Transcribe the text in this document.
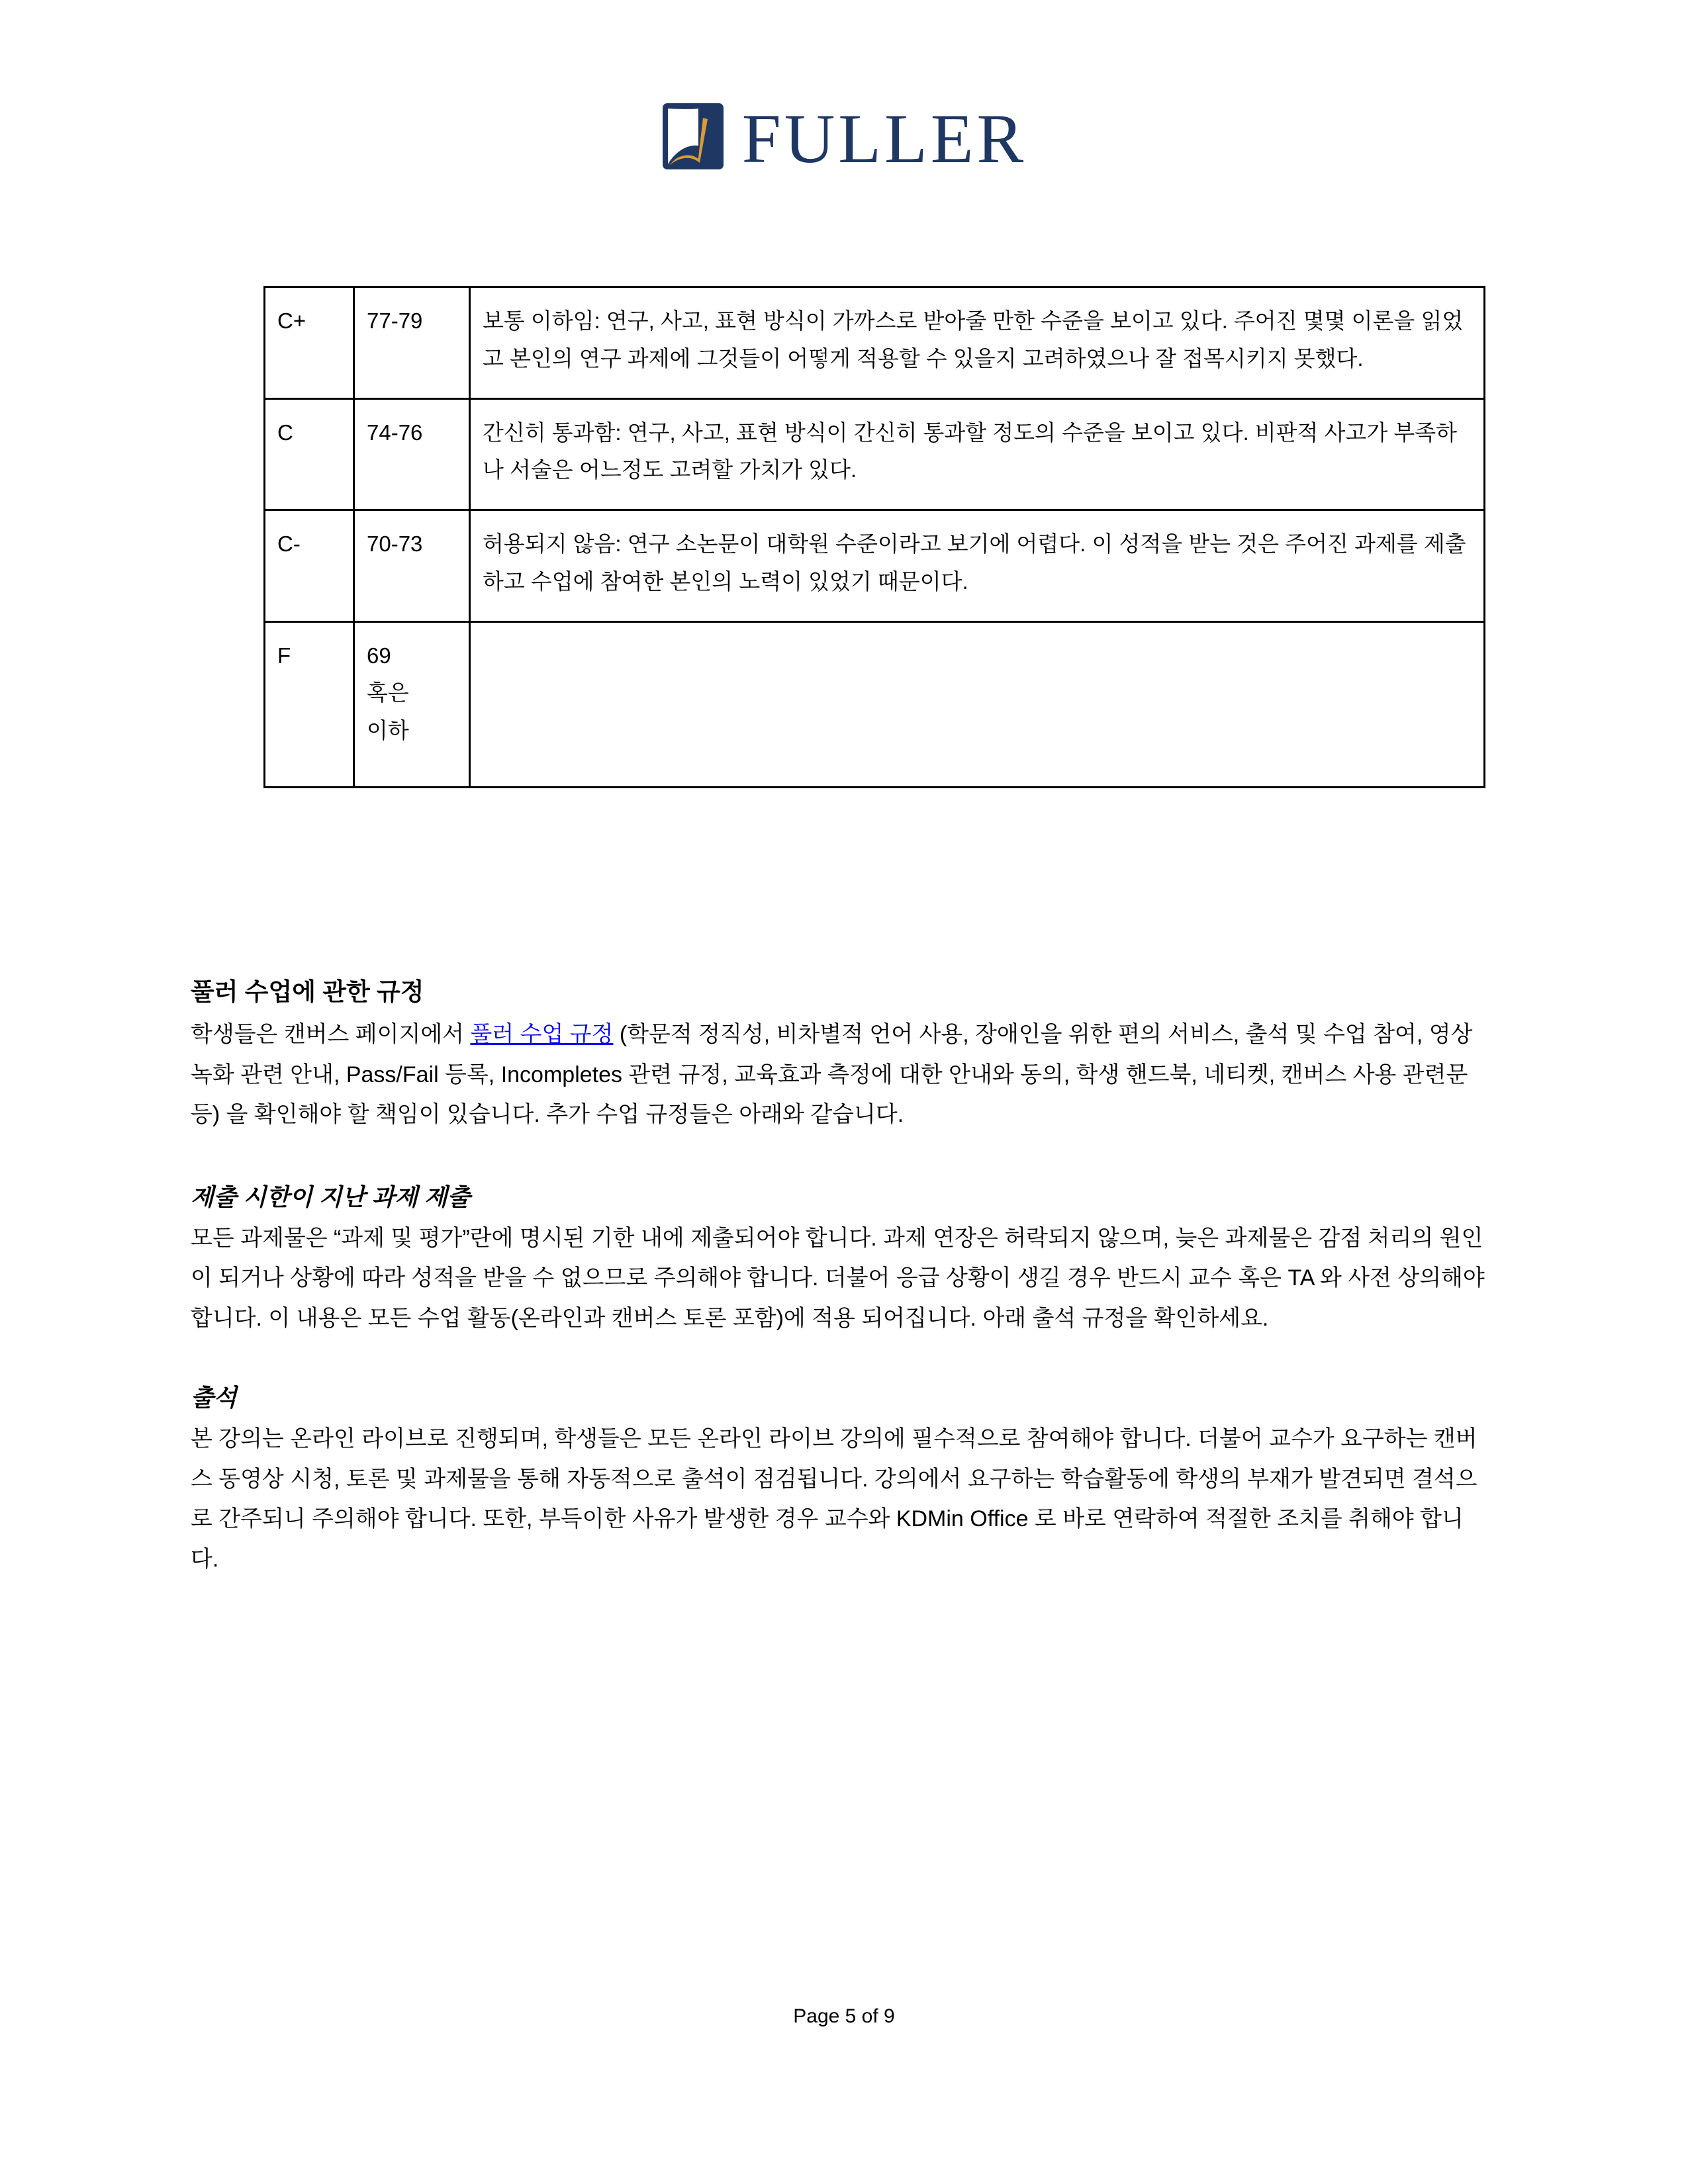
FULLER
C+	77-79	보통 이하임: 연구, 사고, 표현 방식이 가까스로 받아줄 만한 수준을 보이고 있다. 주어진 몇몇 이론을 읽었고 본인의 연구 과제에 그것들이 어떻게 적용할 수 있을지 고려하였으나 잘 접목시키지 못했다.
C	74-76	간신히 통과함: 연구, 사고, 표현 방식이 간신히 통과할 정도의 수준을 보이고 있다. 비판적 사고가 부족하나 서술은 어느정도 고려할 가치가 있다.
C-	70-73	허용되지 않음: 연구 소논문이 대학원 수준이라고 보기에 어렵다. 이 성적을 받는 것은 주어진 과제를 제출 하고 수업에 참여한 본인의 노력이 있었기 때문이다.
F	69
혹은
이하	

풀러 수업에 관한 규정

학생들은 캔버스 페이지에서 풀러 수업 규정 (학문적 정직성, 비차별적 언어 사용, 장애인을 위한 편의 서비스, 출석 및 수업 참여, 영상 녹화 관련 안내, Pass/Fail 등록, Incompletes 관련 규정, 교육효과 측정에 대한 안내와 동의, 학생 핸드북, 네티켓, 캔버스 사용 관련문 등) 을 확인해야 할 책임이 있습니다. 추가 수업 규정들은 아래와 같습니다.

제출 시한이 지난 과제 제출

모든 과제물은 “과제 및 평가”란에 명시된 기한 내에 제출되어야 합니다. 과제 연장은 허락되지 않으며, 늦은 과제물은 감점 처리의 원인이 되거나 상황에 따라 성적을 받을 수 없으므로 주의해야 합니다. 더불어 응급 상황이 생길 경우 반드시 교수 혹은 TA 와 사전 상의해야 합니다. 이 내용은 모든 수업 활동(온라인과 캔버스 토론 포함)에 적용 되어집니다. 아래 출석 규정을 확인하세요.

출석

본 강의는 온라인 라이브로 진행되며, 학생들은 모든 온라인 라이브 강의에 필수적으로 참여해야 합니다. 더불어 교수가 요구하는 캔버스 동영상 시청, 토론 및 과제물을 통해 자동적으로 출석이 점검됩니다. 강의에서 요구하는 학습활동에 학생의 부재가 발견되면 결석으로 간주되니 주의해야 합니다. 또한, 부득이한 사유가 발생한 경우 교수와 KDMin Office 로 바로 연락하여 적절한 조치를 취해야 합니다.

Page 5 of 9
